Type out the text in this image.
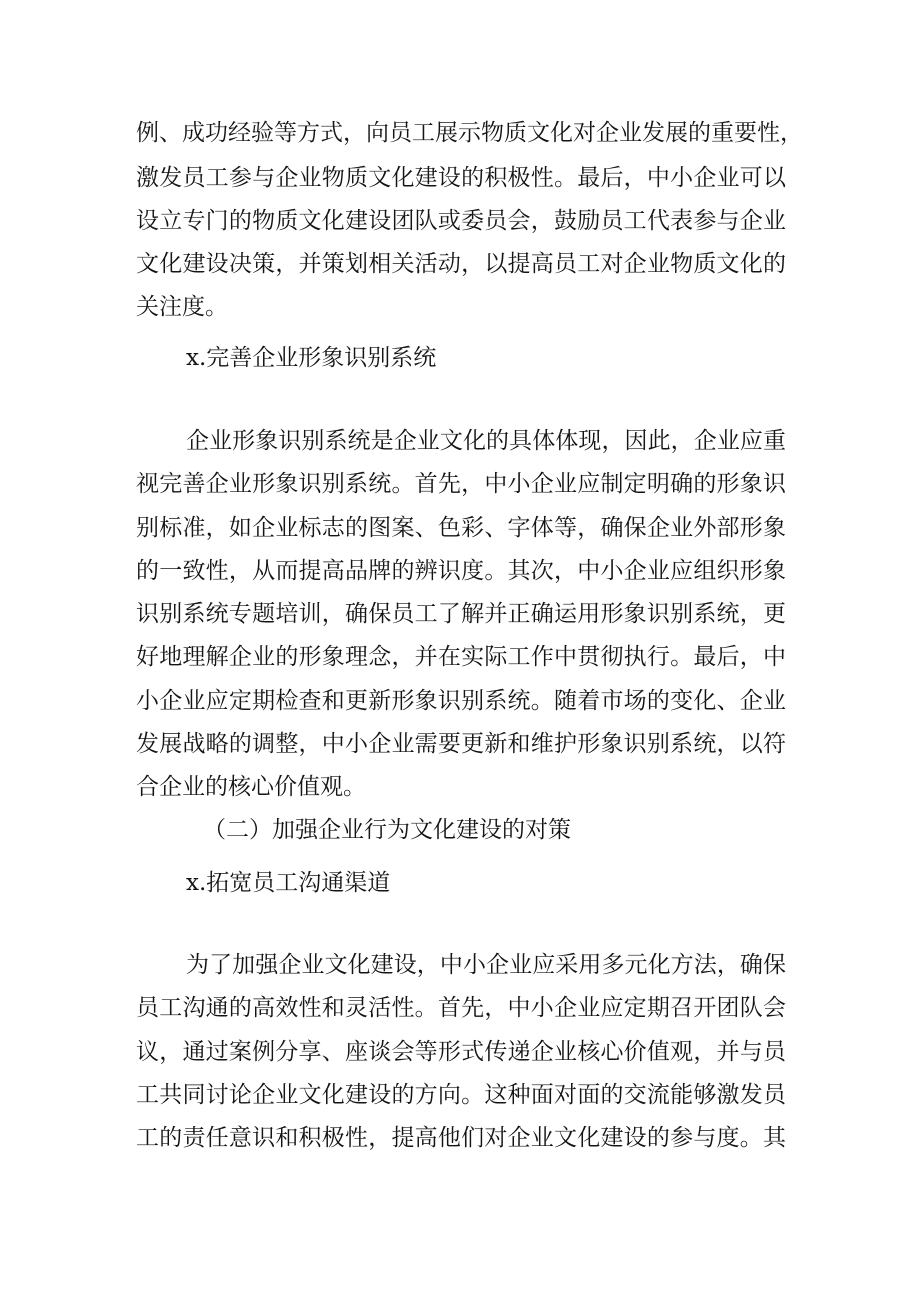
例、成功经验等方式，向员工展示物质文化对企业发展的重要性，

激发员工参与企业物质文化建设的积极性。最后，中小企业可以

设立专门的物质文化建设团队或委员会，鼓励员工代表参与企业

文化建设决策，并策划相关活动，以提高员工对企业物质文化的

关注度。

x.完善企业形象识别系统

企业形象识别系统是企业文化的具体体现，因此，企业应重

视完善企业形象识别系统。首先，中小企业应制定明确的形象识

别标准，如企业标志的图案、色彩、字体等，确保企业外部形象

的一致性，从而提高品牌的辨识度。其次，中小企业应组织形象

识别系统专题培训，确保员工了解并正确运用形象识别系统，更

好地理解企业的形象理念，并在实际工作中贯彻执行。最后，中

小企业应定期检查和更新形象识别系统。随着市场的变化、企业

发展战略的调整，中小企业需要更新和维护形象识别系统，以符

合企业的核心价值观。

（二）加强企业行为文化建设的对策

x.拓宽员工沟通渠道

为了加强企业文化建设，中小企业应采用多元化方法，确保

员工沟通的高效性和灵活性。首先，中小企业应定期召开团队会

议，通过案例分享、座谈会等形式传递企业核心价值观，并与员

工共同讨论企业文化建设的方向。这种面对面的交流能够激发员

工的责任意识和积极性，提高他们对企业文化建设的参与度。其
